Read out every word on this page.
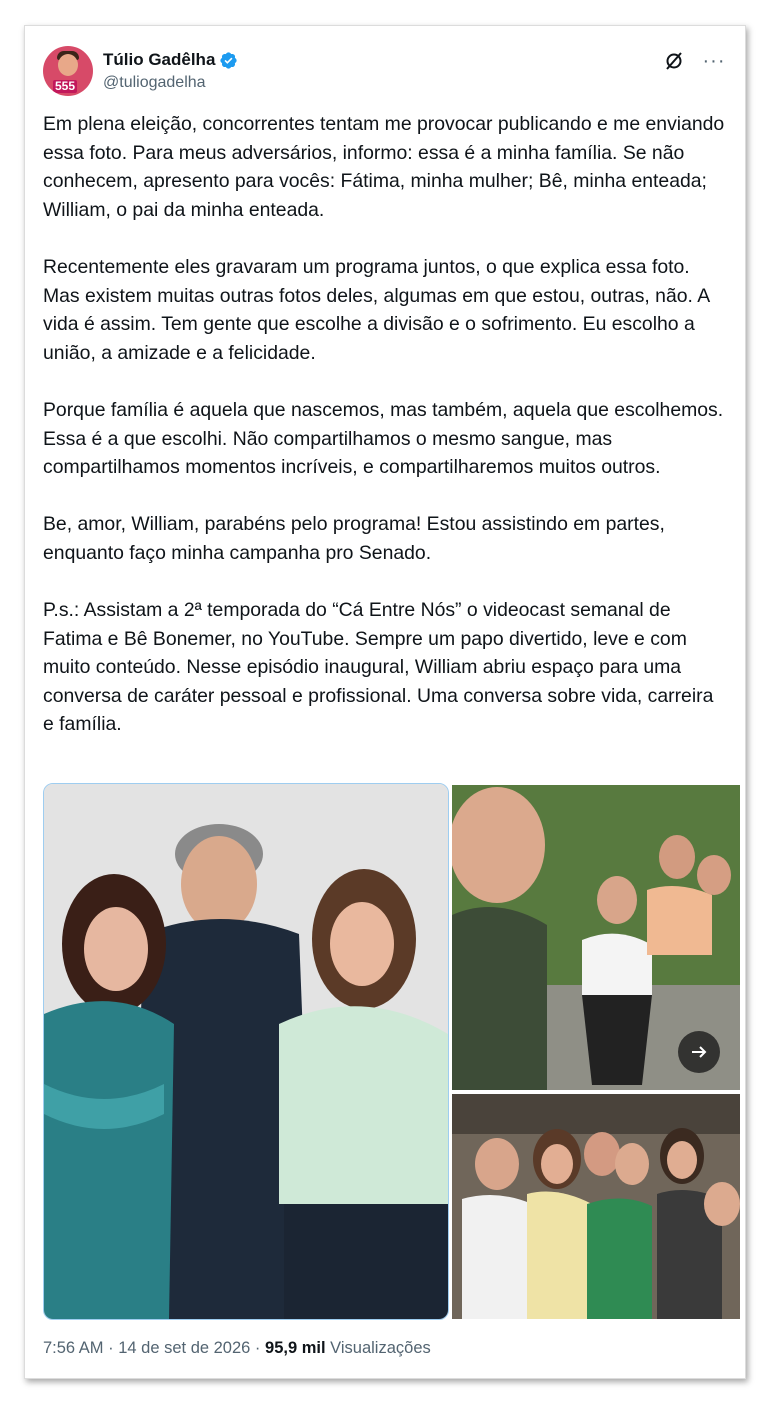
555
Túlio Gadêlha
@tuliogadelha
···

Em plena eleição, concorrentes tentam me provocar publicando e me enviando essa foto. Para meus adversários, informo: essa é a minha família. Se não conhecem, apresento para vocês: Fátima, minha mulher; Bê, minha enteada; William, o pai da minha enteada.

Recentemente eles gravaram um programa juntos, o que explica essa foto. Mas existem muitas outras fotos deles, algumas em que estou, outras, não. A vida é assim. Tem gente que escolhe a divisão e o sofrimento. Eu escolho a união, a amizade e a felicidade.

Porque família é aquela que nascemos, mas também, aquela que escolhemos. Essa é a que escolhi. Não compartilhamos o mesmo sangue, mas compartilhamos momentos incríveis, e compartilharemos muitos outros.

Be, amor, William, parabéns pelo programa! Estou assistindo em partes, enquanto faço minha campanha pro Senado.

P.s.: Assistam a 2ª temporada do “Cá Entre Nós” o videocast semanal de Fatima e Bê Bonemer, no YouTube. Sempre um papo divertido, leve e com muito conteúdo. Nesse episódio inaugural, William abriu espaço para uma conversa de caráter pessoal e profissional. Uma conversa sobre vida, carreira e família.

7:56 AM · 14 de set de 2026 · 95,9 mil Visualizações
